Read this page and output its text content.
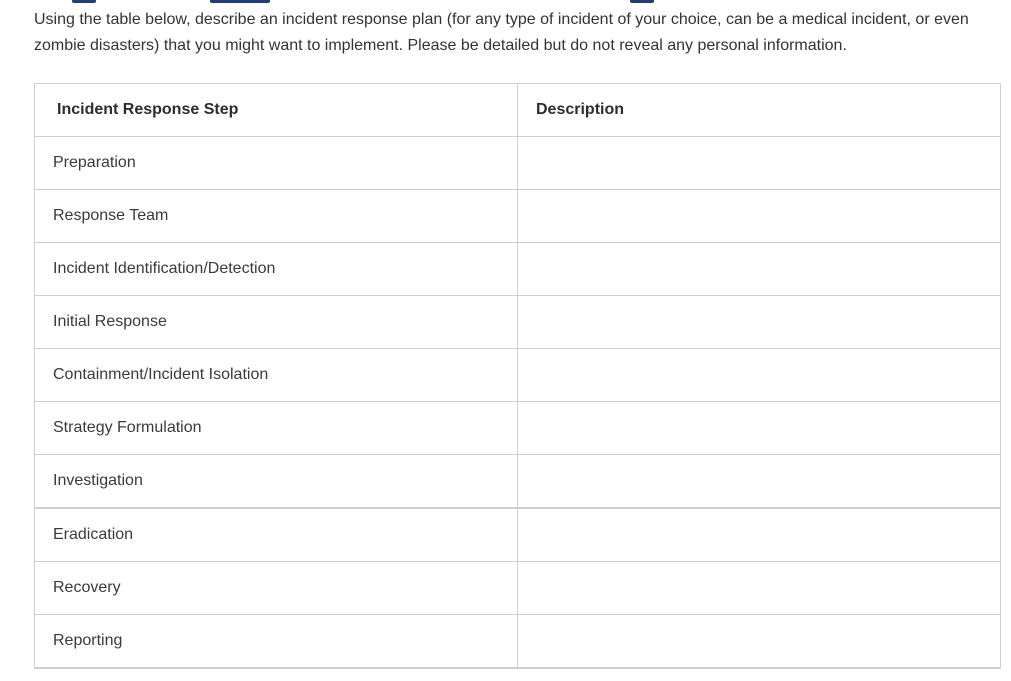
Using the table below, describe an incident response plan (for any type of incident of your choice, can be a medical incident, or even zombie disasters) that you might want to implement. Please be detailed but do not reveal any personal information.

Incident Response Step	Description
Preparation	
Response Team	
Incident Identification/Detection	
Initial Response	
Containment/Incident Isolation	
Strategy Formulation	
Investigation	
Eradication	
Recovery	
Reporting	
